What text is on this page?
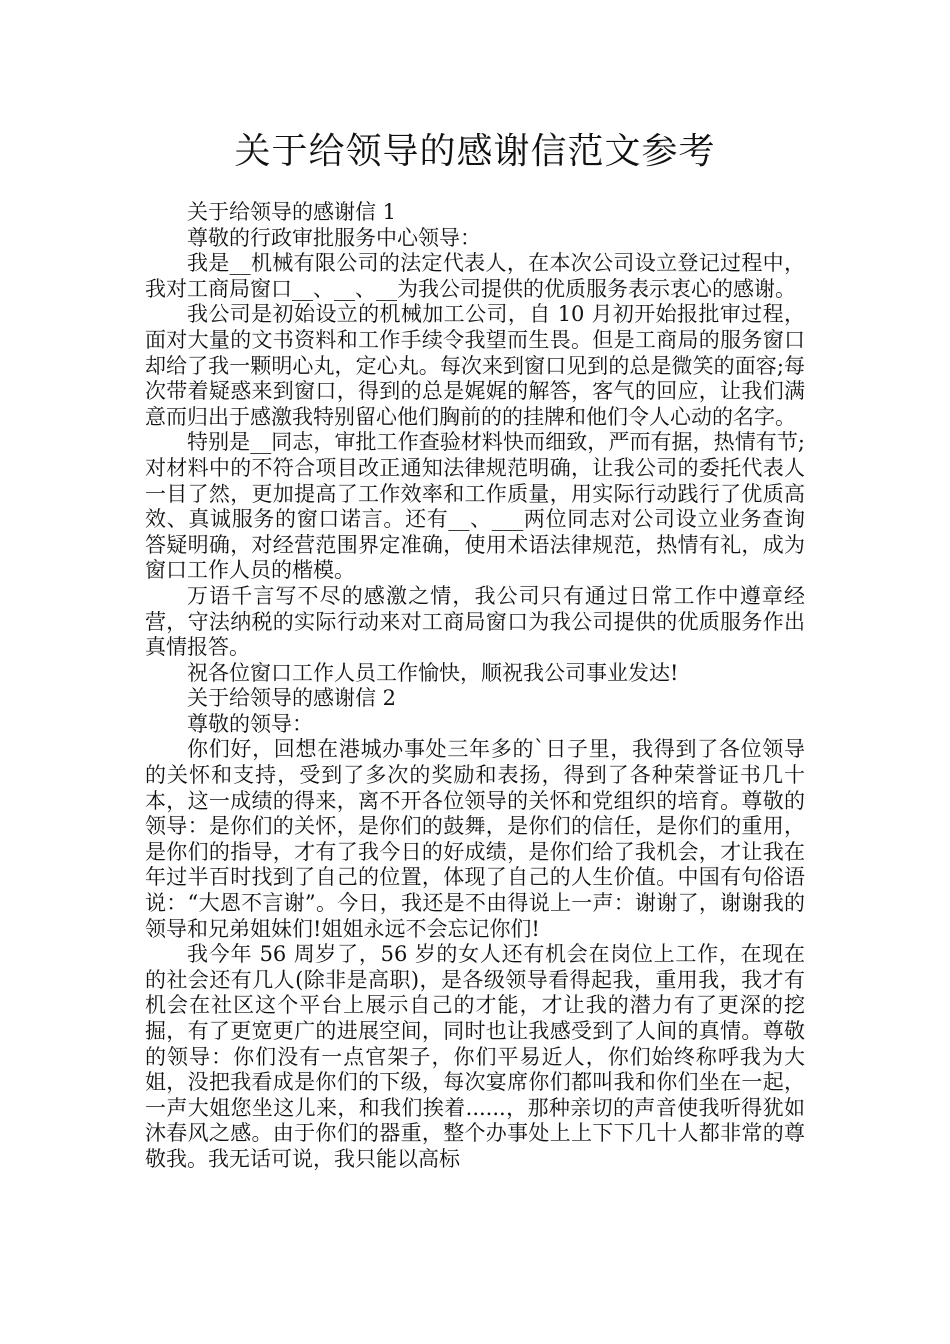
关于给领导的感谢信范文参考

关于给领导的感谢信 1

尊敬的行政审批服务中心领导：

我是__机械有限公司的法定代表人，在本次公司设立登记过程中，我对工商局窗口__、__、__为我公司提供的优质服务表示衷心的感谢。

我公司是初始设立的机械加工公司，自 10 月初开始报批审过程，面对大量的文书资料和工作手续令我望而生畏。但是工商局的服务窗口却给了我一颗明心丸，定心丸。每次来到窗口见到的总是微笑的面容;每次带着疑惑来到窗口，得到的总是娓娓的解答，客气的回应，让我们满意而归出于感激我特别留心他们胸前的的挂牌和他们令人心动的名字。

特别是__同志，审批工作查验材料快而细致，严而有据，热情有节;对材料中的不符合项目改正通知法律规范明确，让我公司的委托代表人一目了然，更加提高了工作效率和工作质量，用实际行动践行了优质高效、真诚服务的窗口诺言。还有__、___两位同志对公司设立业务查询答疑明确，对经营范围界定准确，使用术语法律规范，热情有礼，成为窗口工作人员的楷模。

万语千言写不尽的感激之情，我公司只有通过日常工作中遵章经营，守法纳税的实际行动来对工商局窗口为我公司提供的优质服务作出真情报答。

祝各位窗口工作人员工作愉快，顺祝我公司事业发达!

关于给领导的感谢信 2

尊敬的领导：

你们好，回想在港城办事处三年多的`日子里，我得到了各位领导的关怀和支持，受到了多次的奖励和表扬，得到了各种荣誉证书几十本，这一成绩的得来，离不开各位领导的关怀和党组织的培育。尊敬的领导：是你们的关怀，是你们的鼓舞，是你们的信任，是你们的重用，是你们的指导，才有了我今日的好成绩，是你们给了我机会，才让我在年过半百时找到了自己的位置，体现了自己的人生价值。中国有句俗语说：“大恩不言谢”。今日，我还是不由得说上一声：谢谢了，谢谢我的领导和兄弟姐妹们!姐姐永远不会忘记你们!

我今年 56 周岁了，56 岁的女人还有机会在岗位上工作，在现在的社会还有几人(除非是高职)，是各级领导看得起我，重用我，我才有机会在社区这个平台上展示自己的才能，才让我的潜力有了更深的挖掘，有了更宽更广的进展空间，同时也让我感受到了人间的真情。尊敬的领导：你们没有一点官架子，你们平易近人，你们始终称呼我为大姐，没把我看成是你们的下级，每次宴席你们都叫我和你们坐在一起，一声大姐您坐这儿来，和我们挨着......，那种亲切的声音使我听得犹如沐春风之感。由于你们的器重，整个办事处上上下下几十人都非常的尊敬我。我无话可说，我只能以高标
